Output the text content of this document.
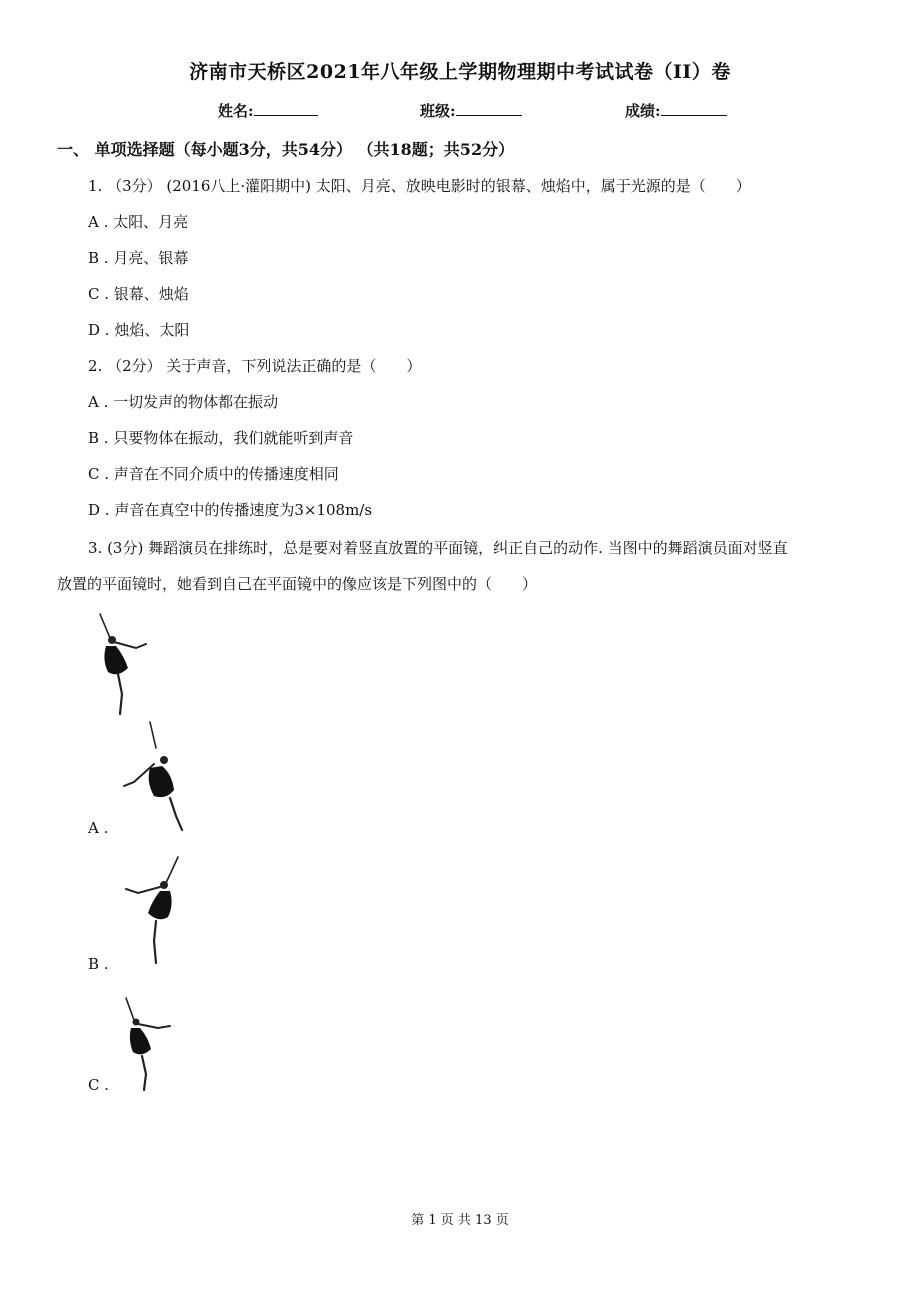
济南市天桥区2021年八年级上学期物理期中考试试卷（II）卷
姓名:	班级:	成绩:
一、 单项选择题（每小题3分，共54分） （共18题；共52分）
1. （3分） (2016八上·灌阳期中) 太阳、月亮、放映电影时的银幕、烛焰中，属于光源的是（　　）
A . 太阳、月亮
B . 月亮、银幕
C . 银幕、烛焰
D . 烛焰、太阳
2. （2分） 关于声音，下列说法正确的是（　　）
A . 一切发声的物体都在振动
B . 只要物体在振动，我们就能听到声音
C . 声音在不同介质中的传播速度相同
D . 声音在真空中的传播速度为3×108m/s
3. (3分) 舞蹈演员在排练时，总是要对着竖直放置的平面镜，纠正自己的动作. 当图中的舞蹈演员面对竖直
放置的平面镜时，她看到自己在平面镜中的像应该是下列图中的（　　）
A .
B .
C .
第 1 页 共 13 页
